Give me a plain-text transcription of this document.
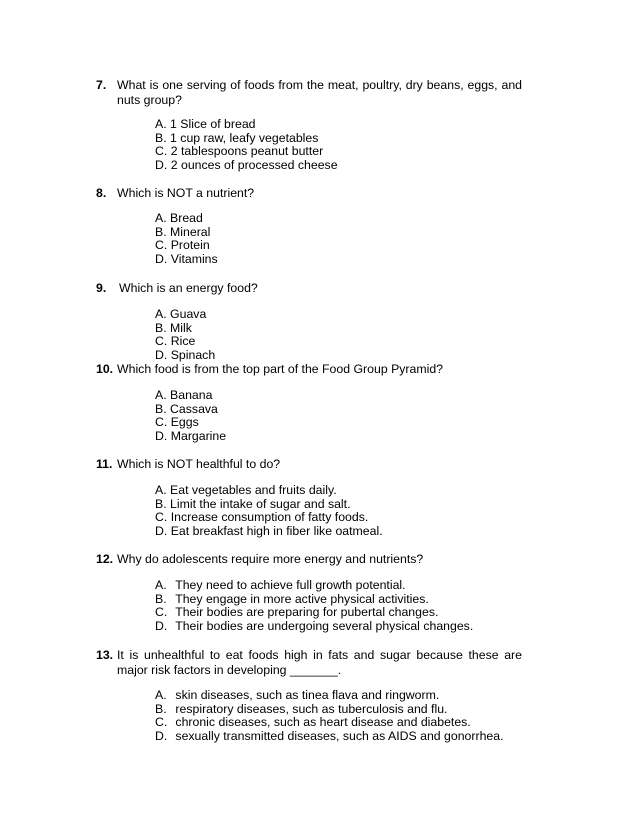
7. What is one serving of foods from the meat, poultry, dry beans, eggs, and nuts group?
A. 1 Slice of bread
B. 1 cup raw, leafy vegetables
C. 2 tablespoons peanut butter
D. 2 ounces of processed cheese
8. Which is NOT a nutrient?
A. Bread
B. Mineral
C. Protein
D. Vitamins
9.	Which is an energy food?
A. Guava
B. Milk
C. Rice
D. Spinach
10. Which food is from the top part of the Food Group Pyramid?
A. Banana
B. Cassava
C. Eggs
D. Margarine
11. Which is NOT healthful to do?
A. Eat vegetables and fruits daily.
B. Limit the intake of sugar and salt.
C. Increase consumption of fatty foods.
D. Eat breakfast high in fiber like oatmeal.
12. Why do adolescents require more energy and nutrients?
A. They need to achieve full growth potential.
B. They engage in more active physical activities.
C. Their bodies are preparing for pubertal changes.
D. Their bodies are undergoing several physical changes.
13. It is unhealthful to eat foods high in fats and sugar because these are major risk factors in developing _______.
A. skin diseases, such as tinea flava and ringworm.
B. respiratory diseases, such as tuberculosis and flu.
C. chronic diseases, such as heart disease and diabetes.
D. sexually transmitted diseases, such as AIDS and gonorrhea.
